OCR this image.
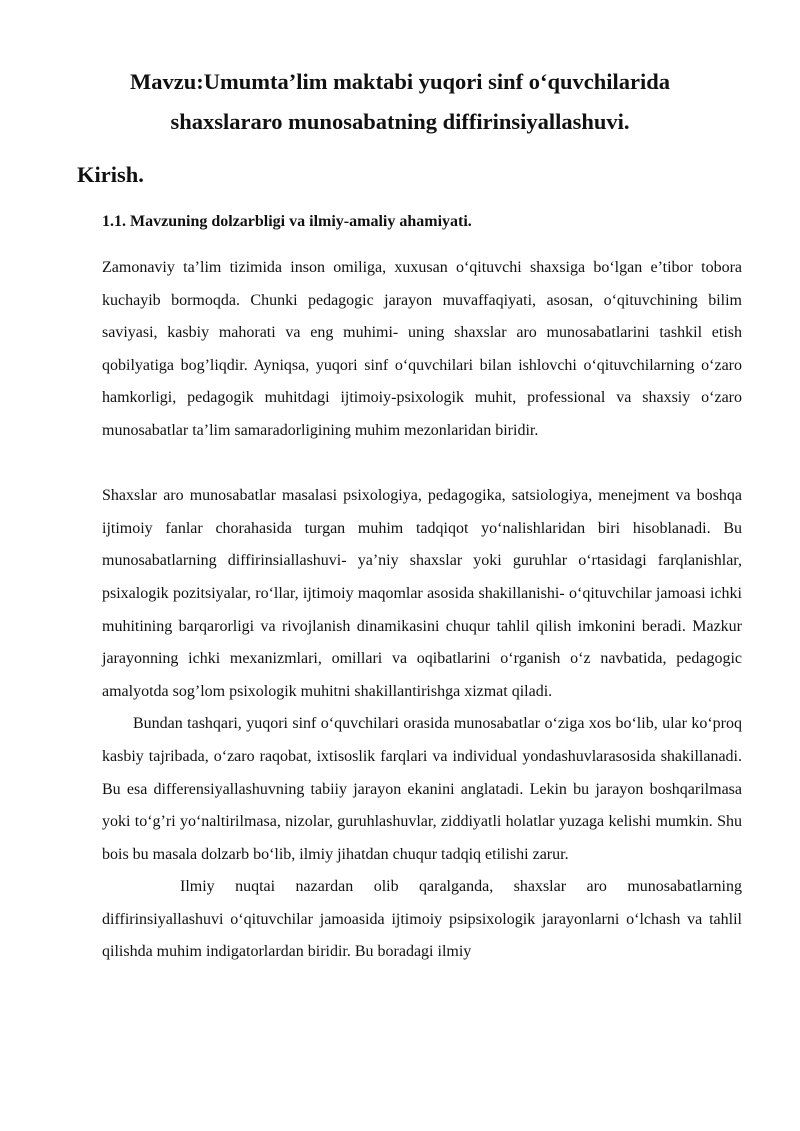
Mavzu:Umumta’lim maktabi yuqori sinf o‘quvchilarida shaxslararo munosabatning diffirinsiyallashuvi.
Kirish.
1.1. Mavzuning dolzarbligi va ilmiy-amaliy ahamiyati.

Zamonaviy ta’lim tizimida inson omiliga, xuxusan o‘qituvchi shaxsiga bo‘lgan e’tibor tobora kuchayib bormoqda. Chunki pedagogic jarayon muvaffaqiyati, asosan, o‘qituvchining bilim saviyasi, kasbiy mahorati va eng muhimi- uning shaxslar aro munosabatlarini tashkil etish qobilyatiga bog’liqdir. Ayniqsa, yuqori sinf o‘quvchilari bilan ishlovchi o‘qituvchilarning o‘zaro hamkorligi, pedagogik muhitdagi ijtimoiy-psixologik muhit, professional va shaxsiy o‘zaro munosabatlar ta’lim samaradorligining muhim mezonlaridan biridir.

Shaxslar aro munosabatlar masalasi psixologiya, pedagogika, satsiologiya, menejment va boshqa ijtimoiy fanlar chorahasida turgan muhim tadqiqot yo‘nalishlaridan biri hisoblanadi. Bu munosabatlarning diffirinsiallashuvi- ya’niy shaxslar yoki guruhlar o‘rtasidagi farqlanishlar, psixalogik pozitsiyalar, ro‘llar, ijtimoiy maqomlar asosida shakillanishi- o‘qituvchilar jamoasi ichki muhitining barqarorligi va rivojlanish dinamikasini chuqur tahlil qilish imkonini beradi. Mazkur jarayonning ichki mexanizmlari, omillari va oqibatlarini o‘rganish o‘z navbatida, pedagogic amalyotda sog’lom psixologik muhitni shakillantirishga xizmat qiladi.

Bundan tashqari, yuqori sinf o‘quvchilari orasida munosabatlar o‘ziga xos bo‘lib, ular ko‘proq kasbiy tajribada, o‘zaro raqobat, ixtisoslik farqlari va individual yondashuvlarasosida shakillanadi. Bu esa differensiyallashuvning tabiiy jarayon ekanini anglatadi. Lekin bu jarayon boshqarilmasa yoki to‘g’ri yo‘naltirilmasa, nizolar, guruhlashuvlar, ziddiyatli holatlar yuzaga kelishi mumkin. Shu bois bu masala dolzarb bo‘lib, ilmiy jihatdan chuqur tadqiq etilishi zarur.

Ilmiy nuqtai nazardan olib qaralganda, shaxslar aro munosabatlarning diffirinsiyallashuvi o‘qituvchilar jamoasida ijtimoiy psipsixologik jarayonlarni o‘lchash va tahlil qilishda muhim indigatorlardan biridir. Bu boradagi ilmiy
